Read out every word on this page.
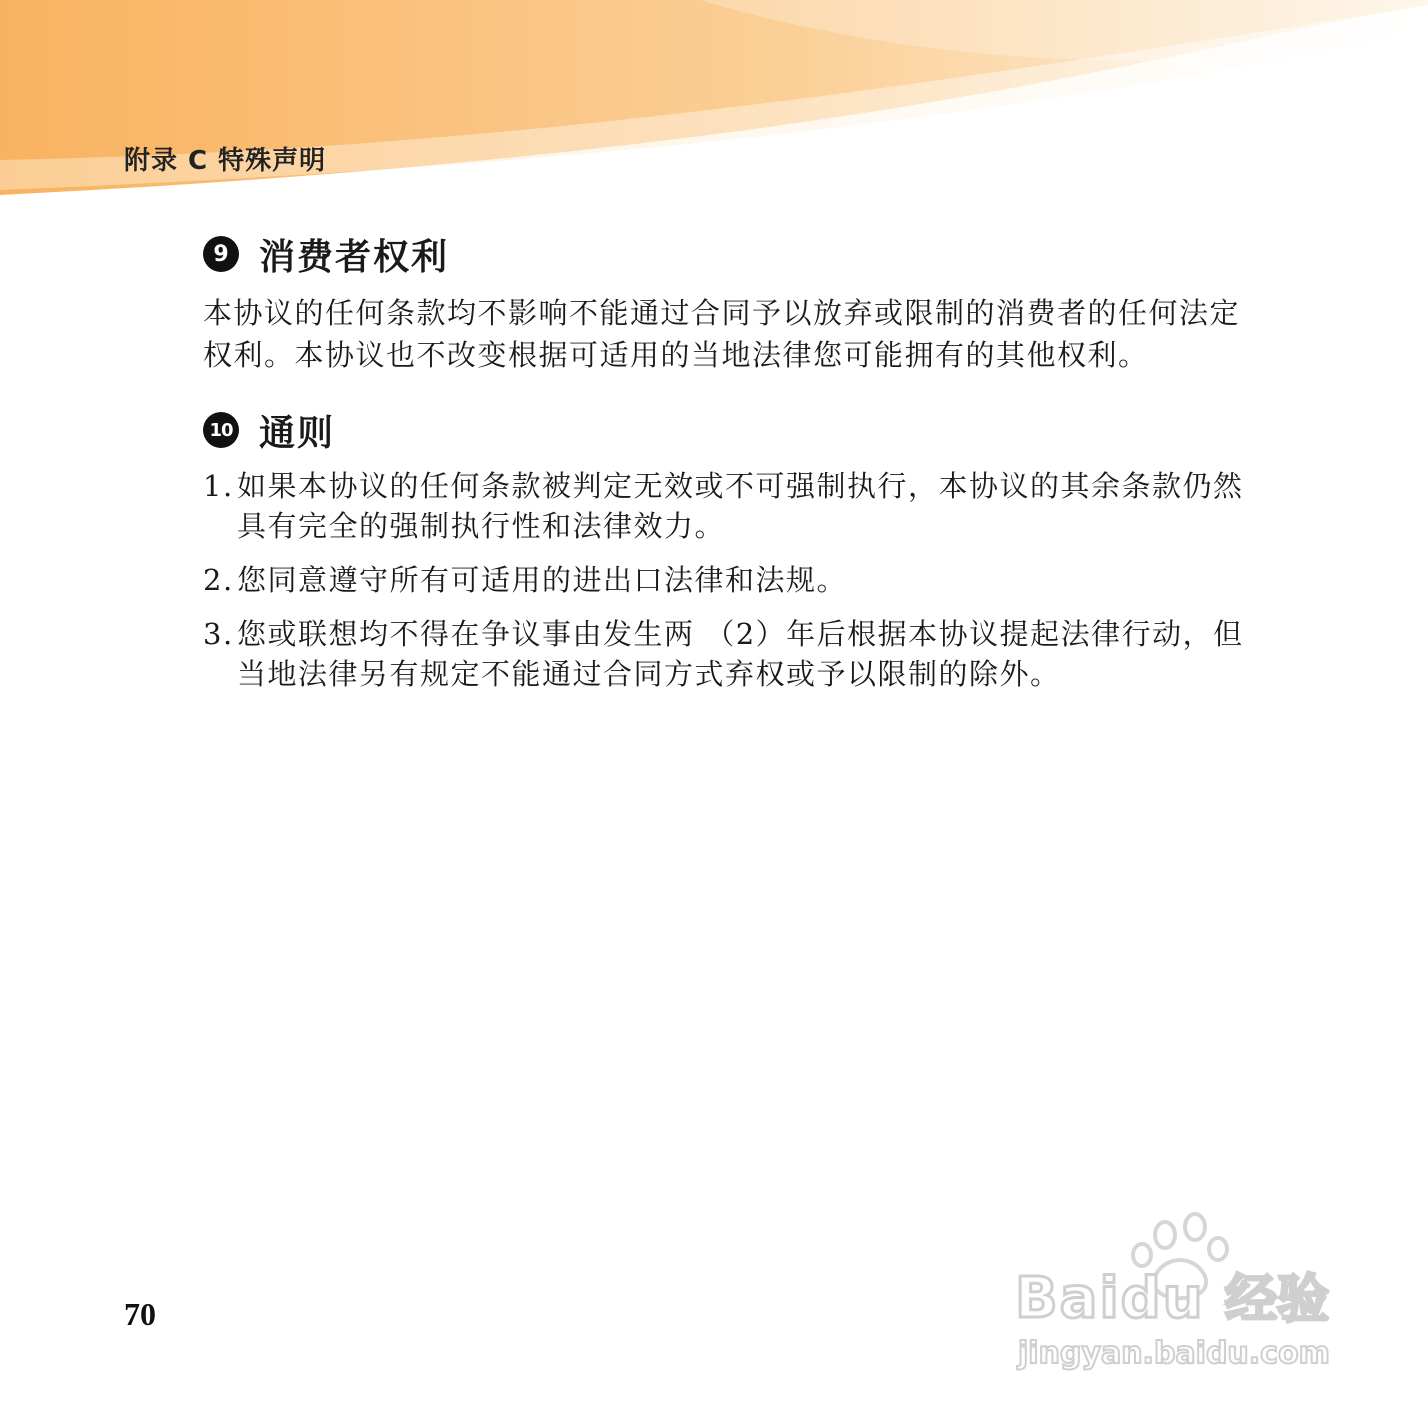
附录 C 特殊声明
9 消费者权利

本协议的任何条款均不影响不能通过合同予以放弃或限制的消费者的任何法定权利。本协议也不改变根据可适用的当地法律您可能拥有的其他权利。

10 通则
1. 如果本协议的任何条款被判定无效或不可强制执行，本协议的其余条款仍然具有完全的强制执行性和法律效力。
2. 您同意遵守所有可适用的进出口法律和法规。
3. 您或联想均不得在争议事由发生两 （2）年后根据本协议提起法律行动，但当地法律另有规定不能通过合同方式弃权或予以限制的除外。
70	Baidu 经验
jingyan.baidu.com
